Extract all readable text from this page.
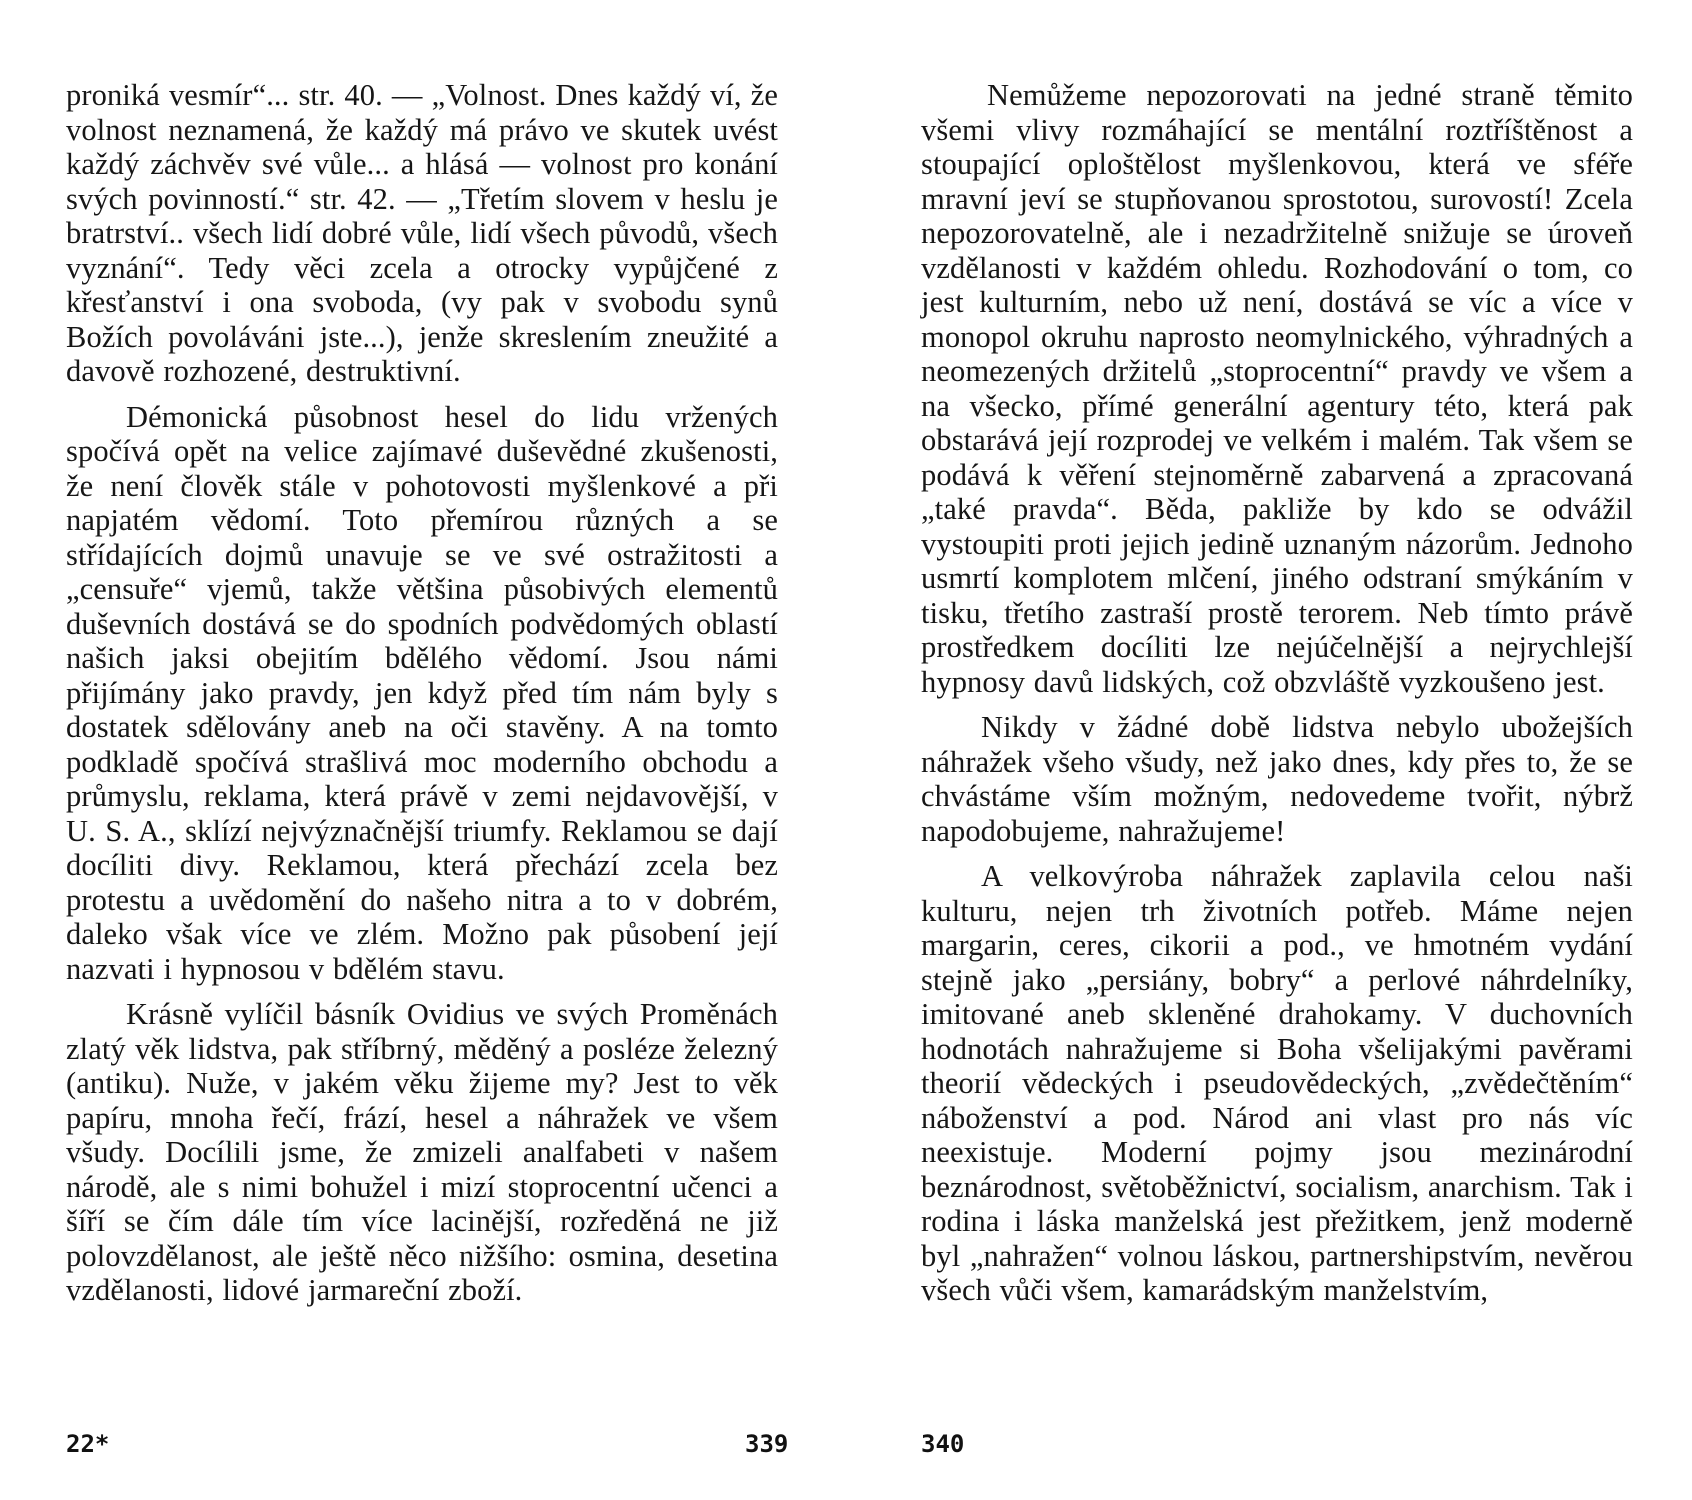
proniká vesmír“... str. 40. — „Volnost. Dnes každý ví, že volnost neznamená, že každý má právo ve skutek uvést každý záchvěv své vůle... a hlásá — volnost pro konání svých povinností.“ str. 42. — „Třetím slovem v heslu je bratrství.. všech lidí dobré vůle, lidí všech původů, všech vyznání“. Tedy věci zcela a otrocky vypůjčené z křesťanství i ona svoboda, (vy pak v svobodu synů Božích povoláváni jste...), jenže skreslením zneužité a davově rozhozené, destruktivní.

Démonická působnost hesel do lidu vržených spočívá opět na velice zajímavé duševědné zkušenosti, že není člověk stále v pohotovosti myšlenkové a při napjatém vědomí. Toto přemírou různých a se střídajících dojmů unavuje se ve své ostražitosti a „censuře“ vjemů, takže většina působivých elementů duševních dostává se do spodních podvědomých oblastí našich jaksi obejitím bdělého vědomí. Jsou námi přijímány jako pravdy, jen když před tím nám byly s dostatek sdělovány aneb na oči stavěny. A na tomto podkladě spočívá strašlivá moc moderního obchodu a průmyslu, reklama, která právě v zemi nejdavovější, v U. S. A., sklízí nejvýznačnější triumfy. Reklamou se dají docíliti divy. Reklamou, která přechází zcela bez protestu a uvědomění do našeho nitra a to v dobrém, daleko však více ve zlém. Možno pak působení její nazvati i hypnosou v bdělém stavu.

Krásně vylíčil básník Ovidius ve svých Proměnách zlatý věk lidstva, pak stříbrný, měděný a posléze železný (antiku). Nuže, v jakém věku žijeme my? Jest to věk papíru, mnoha řečí, frází, hesel a náhražek ve všem všudy. Docílili jsme, že zmizeli analfabeti v našem národě, ale s nimi bohužel i mizí stoprocentní učenci a šíří se čím dále tím více lacinější, rozředěná ne již polovzdělanost, ale ještě něco nižšího: osmina, desetina vzdělanosti, lidové jarmareční zboží.

Nemůžeme nepozorovati na jedné straně těmito všemi vlivy rozmáhající se mentální roztříštěnost a stoupající oploštělost myšlenkovou, která ve sféře mravní jeví se stupňovanou sprostotou, surovostí! Zcela nepozorovatelně, ale i nezadržitelně snižuje se úroveň vzdělanosti v každém ohledu. Rozhodování o tom, co jest kulturním, nebo už není, dostává se víc a více v monopol okruhu naprosto neomylnického, výhradných a neomezených držitelů „stoprocentní“ pravdy ve všem a na všecko, přímé generální agentury této, která pak obstarává její rozprodej ve velkém i malém. Tak všem se podává k věření stejnoměrně zabarvená a zpracovaná „také pravda“. Běda, pakliže by kdo se odvážil vystoupiti proti jejich jedině uznaným názorům. Jednoho usmrtí komplotem mlčení, jiného odstraní smýkáním v tisku, třetího zastraší prostě terorem. Neb tímto právě prostředkem docíliti lze nejúčelnější a nejrychlejší hypnosy davů lidských, což obzvláště vyzkoušeno jest.

Nikdy v žádné době lidstva nebylo ubožejších náhražek všeho všudy, než jako dnes, kdy přes to, že se chvástáme vším možným, nedovedeme tvořit, nýbrž napodobujeme, nahražujeme!

A velkovýroba náhražek zaplavila celou naši kulturu, nejen trh životních potřeb. Máme nejen margarin, ceres, cikorii a pod., ve hmotném vydání stejně jako „persiány, bobry“ a perlové náhrdelníky, imitované aneb skleněné drahokamy. V duchovních hodnotách nahražujeme si Boha všelijakými pavěrami theorií vědeckých i pseudovědeckých, „zvědečtěním“ náboženství a pod. Národ ani vlast pro nás víc neexistuje. Moderní pojmy jsou mezinárodní beznárodnost, světoběžnictví, socialism, anarchism. Tak i rodina i láska manželská jest přežitkem, jenž moderně byl „nahražen“ volnou láskou, partnershipstvím, nevěrou všech vůči všem, kamarádským manželstvím,

22*	339	340
